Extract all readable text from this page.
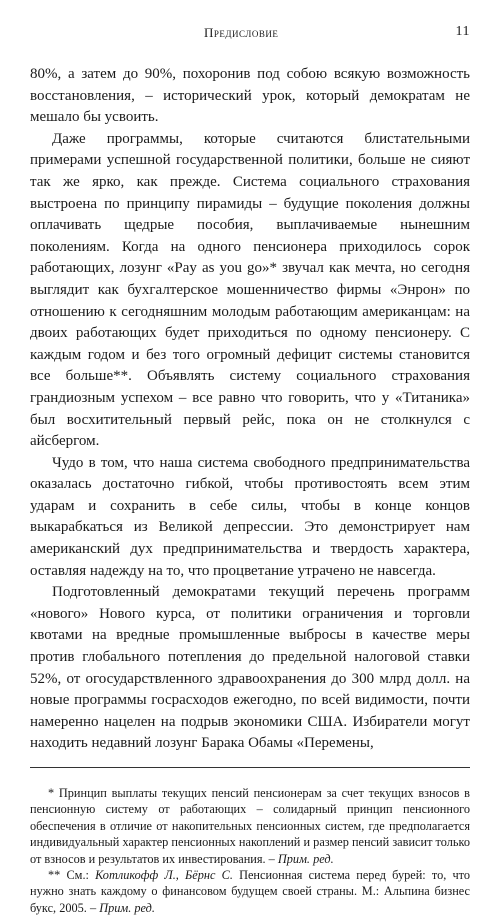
Предисловие	11

80%, а затем до 90%, похоронив под собою всякую возможность восстановления, – исторический урок, который демократам не мешало бы усвоить.

Даже программы, которые считаются блистательными примерами успешной государственной политики, больше не сияют так же ярко, как прежде. Система социального страхования выстроена по принципу пирамиды – будущие поколения должны оплачивать щедрые пособия, выплачиваемые нынешним поколениям. Когда на одного пенсионера приходилось сорок работающих, лозунг «Pay as you go»* звучал как мечта, но сегодня выглядит как бухгалтерское мошенничество фирмы «Энрон» по отношению к сегодняшним молодым работающим американцам: на двоих работающих будет приходиться по одному пенсионеру. С каждым годом и без того огромный дефицит системы становится все больше**. Объявлять систему социального страхования грандиозным успехом – все равно что говорить, что у «Титаника» был восхитительный первый рейс, пока он не столкнулся с айсбергом.

Чудо в том, что наша система свободного предпринимательства оказалась достаточно гибкой, чтобы противостоять всем этим ударам и сохранить в себе силы, чтобы в конце концов выкарабкаться из Великой депрессии. Это демонстрирует нам американский дух предпринимательства и твердость характера, оставляя надежду на то, что процветание утрачено не навсегда.

Подготовленный демократами текущий перечень программ «нового» Нового курса, от политики ограничения и торговли квотами на вредные промышленные выбросы в качестве меры против глобального потепления до предельной налоговой ставки 52%, от огосударствленного здравоохранения до 300 млрд долл. на новые программы госрасходов ежегодно, по всей видимости, почти намеренно нацелен на подрыв экономики США. Избиратели могут находить недавний лозунг Барака Обамы «Перемены,

* Принцип выплаты текущих пенсий пенсионерам за счет текущих взносов в пенсионную систему от работающих – солидарный принцип пенсионного обеспечения в отличие от накопительных пенсионных систем, где предполагается индивидуальный характер пенсионных накоплений и размер пенсий зависит только от взносов и результатов их инвестирования. – Прим. ред.

** См.: Котликофф Л., Бёрнс С. Пенсионная система перед бурей: то, что нужно знать каждому о финансовом будущем своей страны. М.: Альпина бизнес букс, 2005. – Прим. ред.
